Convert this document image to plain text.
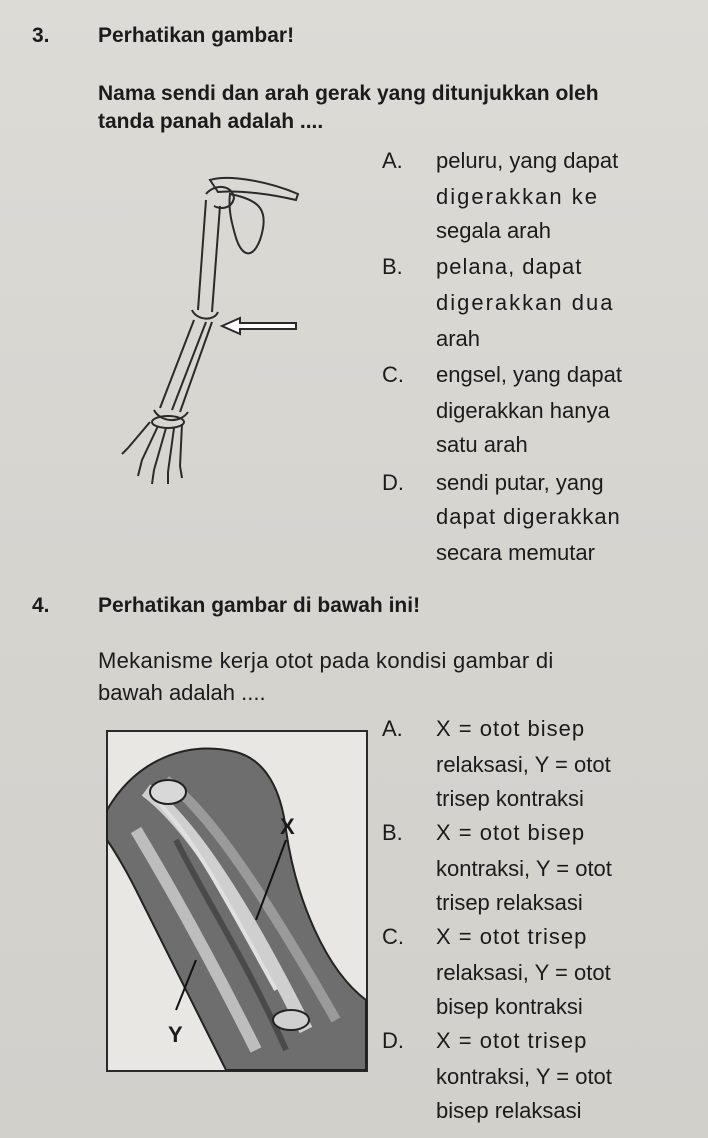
3. Perhatikan gambar!
Nama sendi dan arah gerak yang ditunjukkan oleh
tanda panah adalah ....
A. peluru, yang dapat
digerakkan ke
segala arah
B. pelana, dapat
digerakkan dua
arah
C. engsel, yang dapat
digerakkan hanya
satu arah
D. sendi putar, yang
dapat digerakkan
secara memutar
4. Perhatikan gambar di bawah ini!
Mekanisme kerja otot pada kondisi gambar di
bawah adalah ....
X
Y
A. X = otot bisep
relaksasi, Y = otot
trisep kontraksi
B. X = otot bisep
kontraksi, Y = otot
trisep relaksasi
C. X = otot trisep
relaksasi, Y = otot
bisep kontraksi
D. X = otot trisep
kontraksi, Y = otot
bisep relaksasi
